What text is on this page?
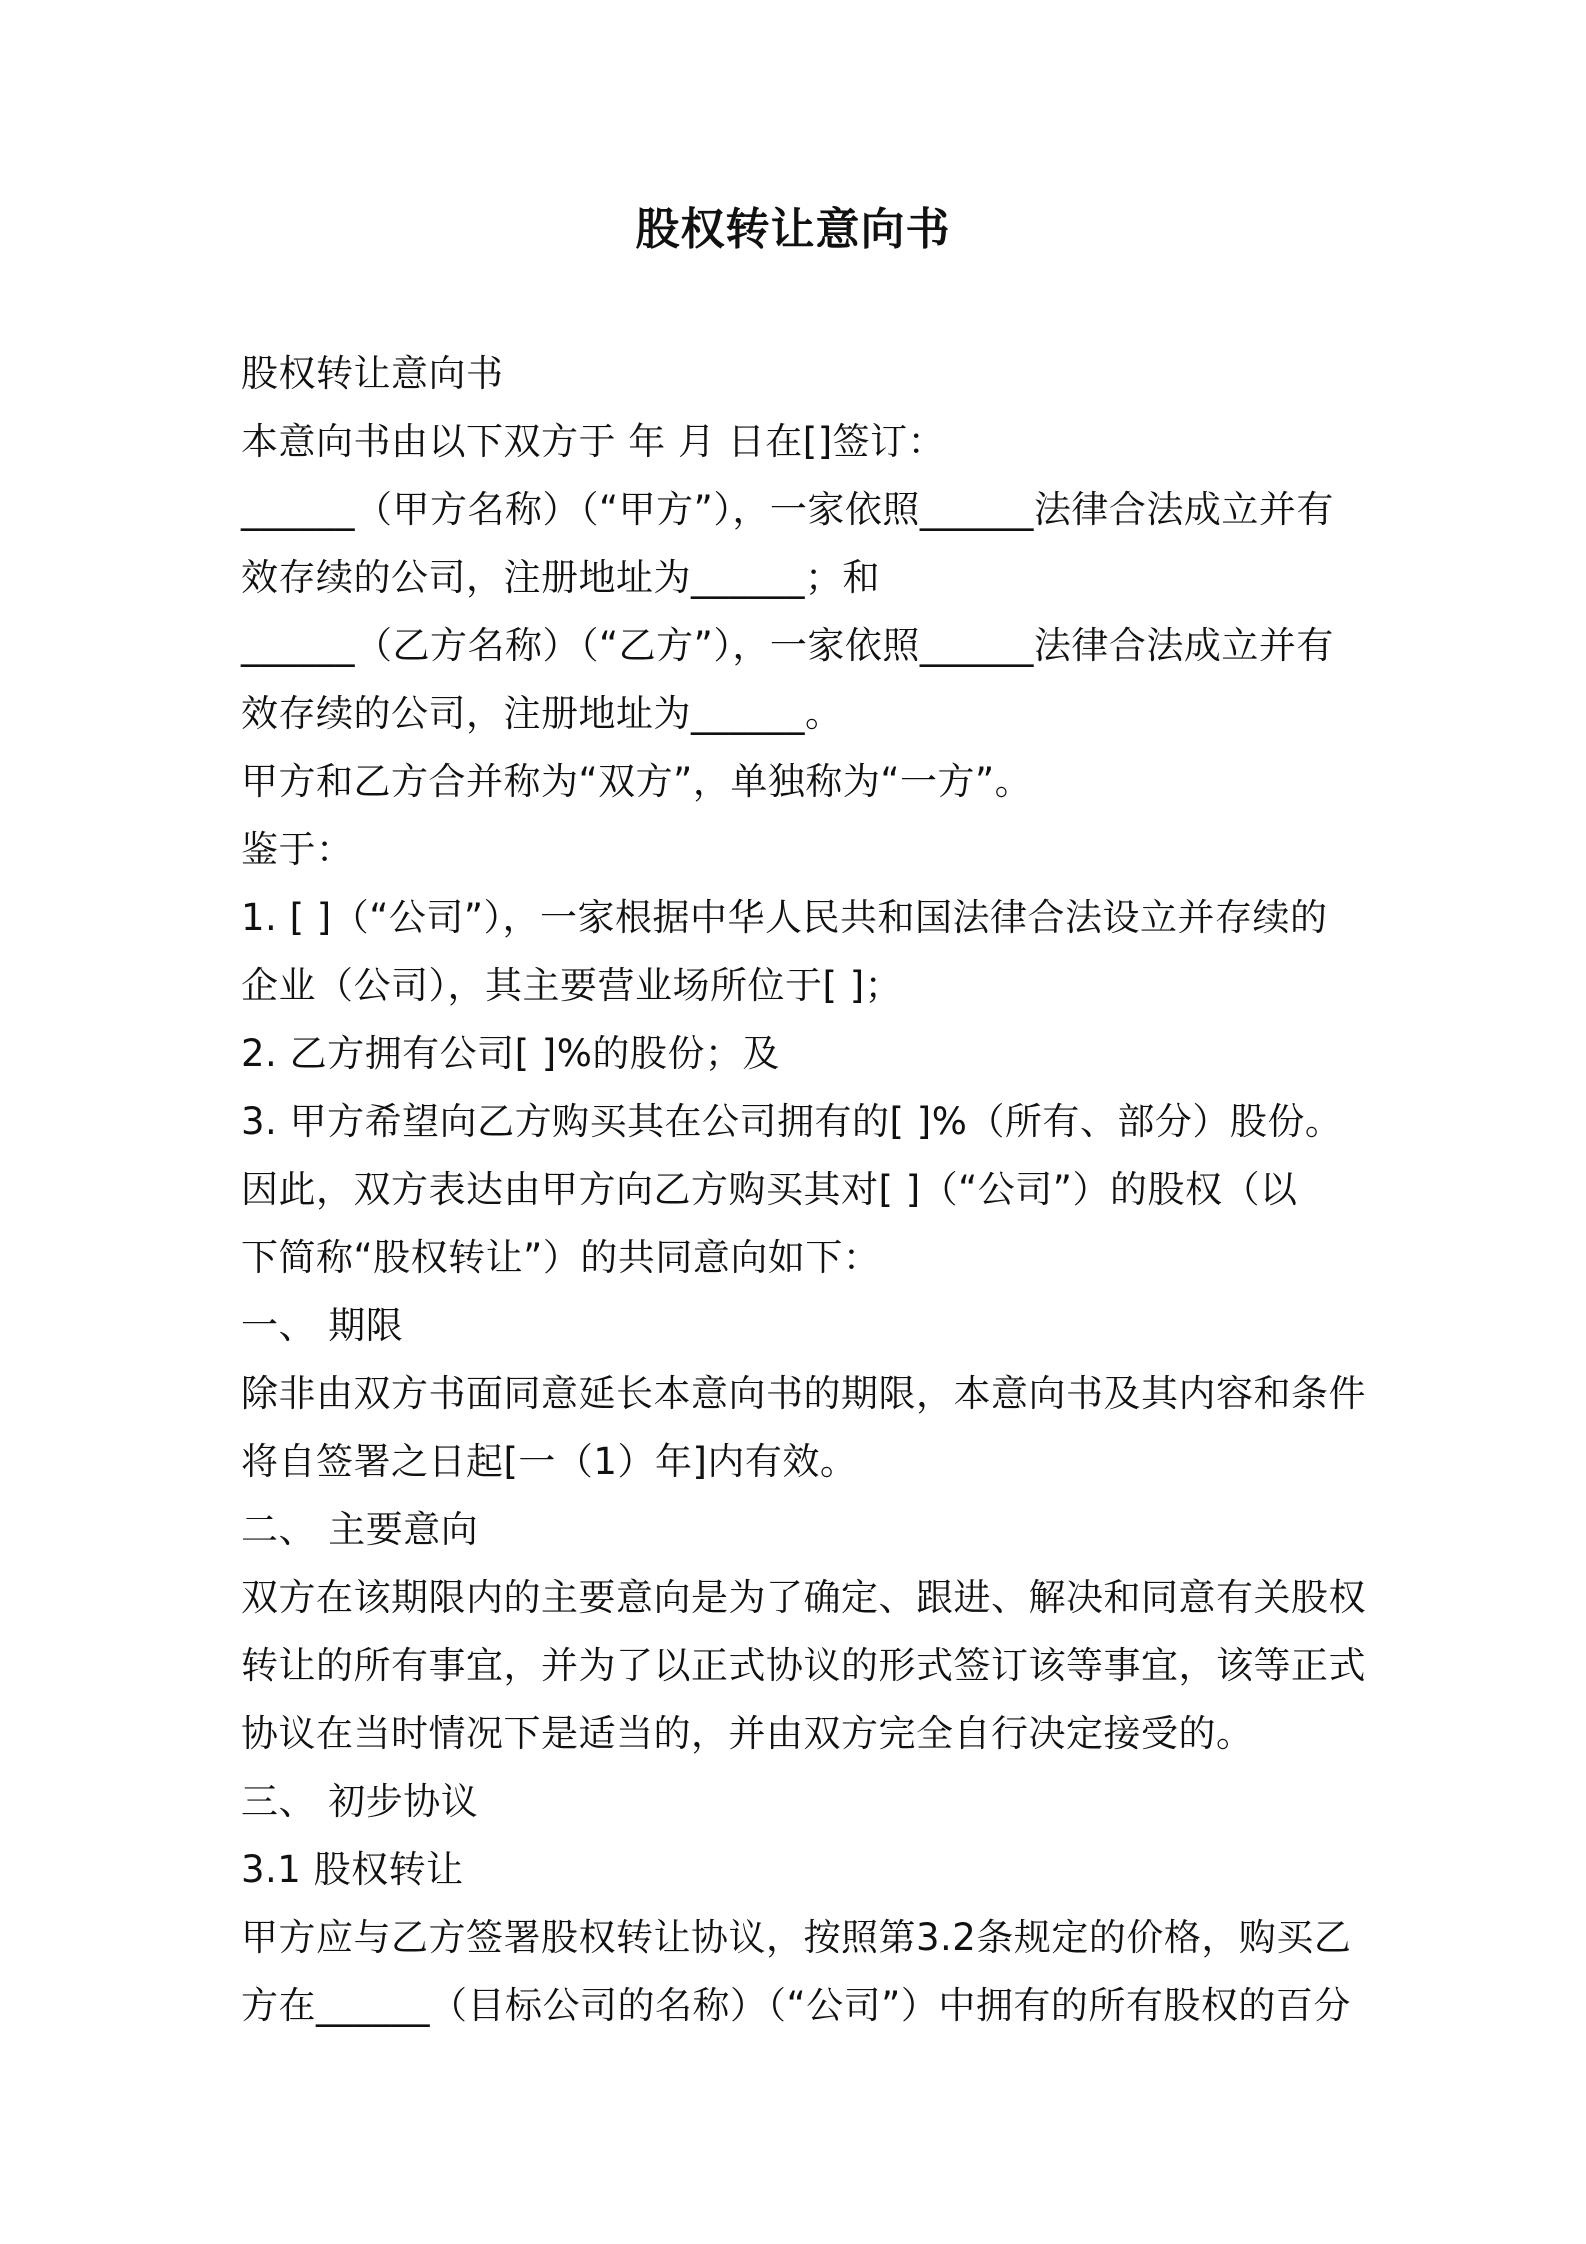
股权转让意向书
股权转让意向书
本意向书由以下双方于 年 月 日在[]签订：
______（甲方名称）（“甲方”），一家依照______法律合法成立并有
效存续的公司，注册地址为______；和
______（乙方名称）（“乙方”），一家依照______法律合法成立并有
效存续的公司，注册地址为______。
甲方和乙方合并称为“双方”，单独称为“一方”。
鉴于：
1. [ ]（“公司”），一家根据中华人民共和国法律合法设立并存续的
企业（公司），其主要营业场所位于[ ]；
2. 乙方拥有公司[ ]%的股份；及
3. 甲方希望向乙方购买其在公司拥有的[ ]%（所有、部分）股份。
因此，双方表达由甲方向乙方购买其对[ ]（“公司”）的股权（以
下简称“股权转让”）的共同意向如下：
一、 期限
除非由双方书面同意延长本意向书的期限，本意向书及其内容和条件
将自签署之日起[一（1）年]内有效。
二、 主要意向
双方在该期限内的主要意向是为了确定、跟进、解决和同意有关股权
转让的所有事宜，并为了以正式协议的形式签订该等事宜，该等正式
协议在当时情况下是适当的，并由双方完全自行决定接受的。
三、 初步协议
3.1 股权转让
甲方应与乙方签署股权转让协议，按照第3.2条规定的价格，购买乙
方在______（目标公司的名称）（“公司”）中拥有的所有股权的百分
